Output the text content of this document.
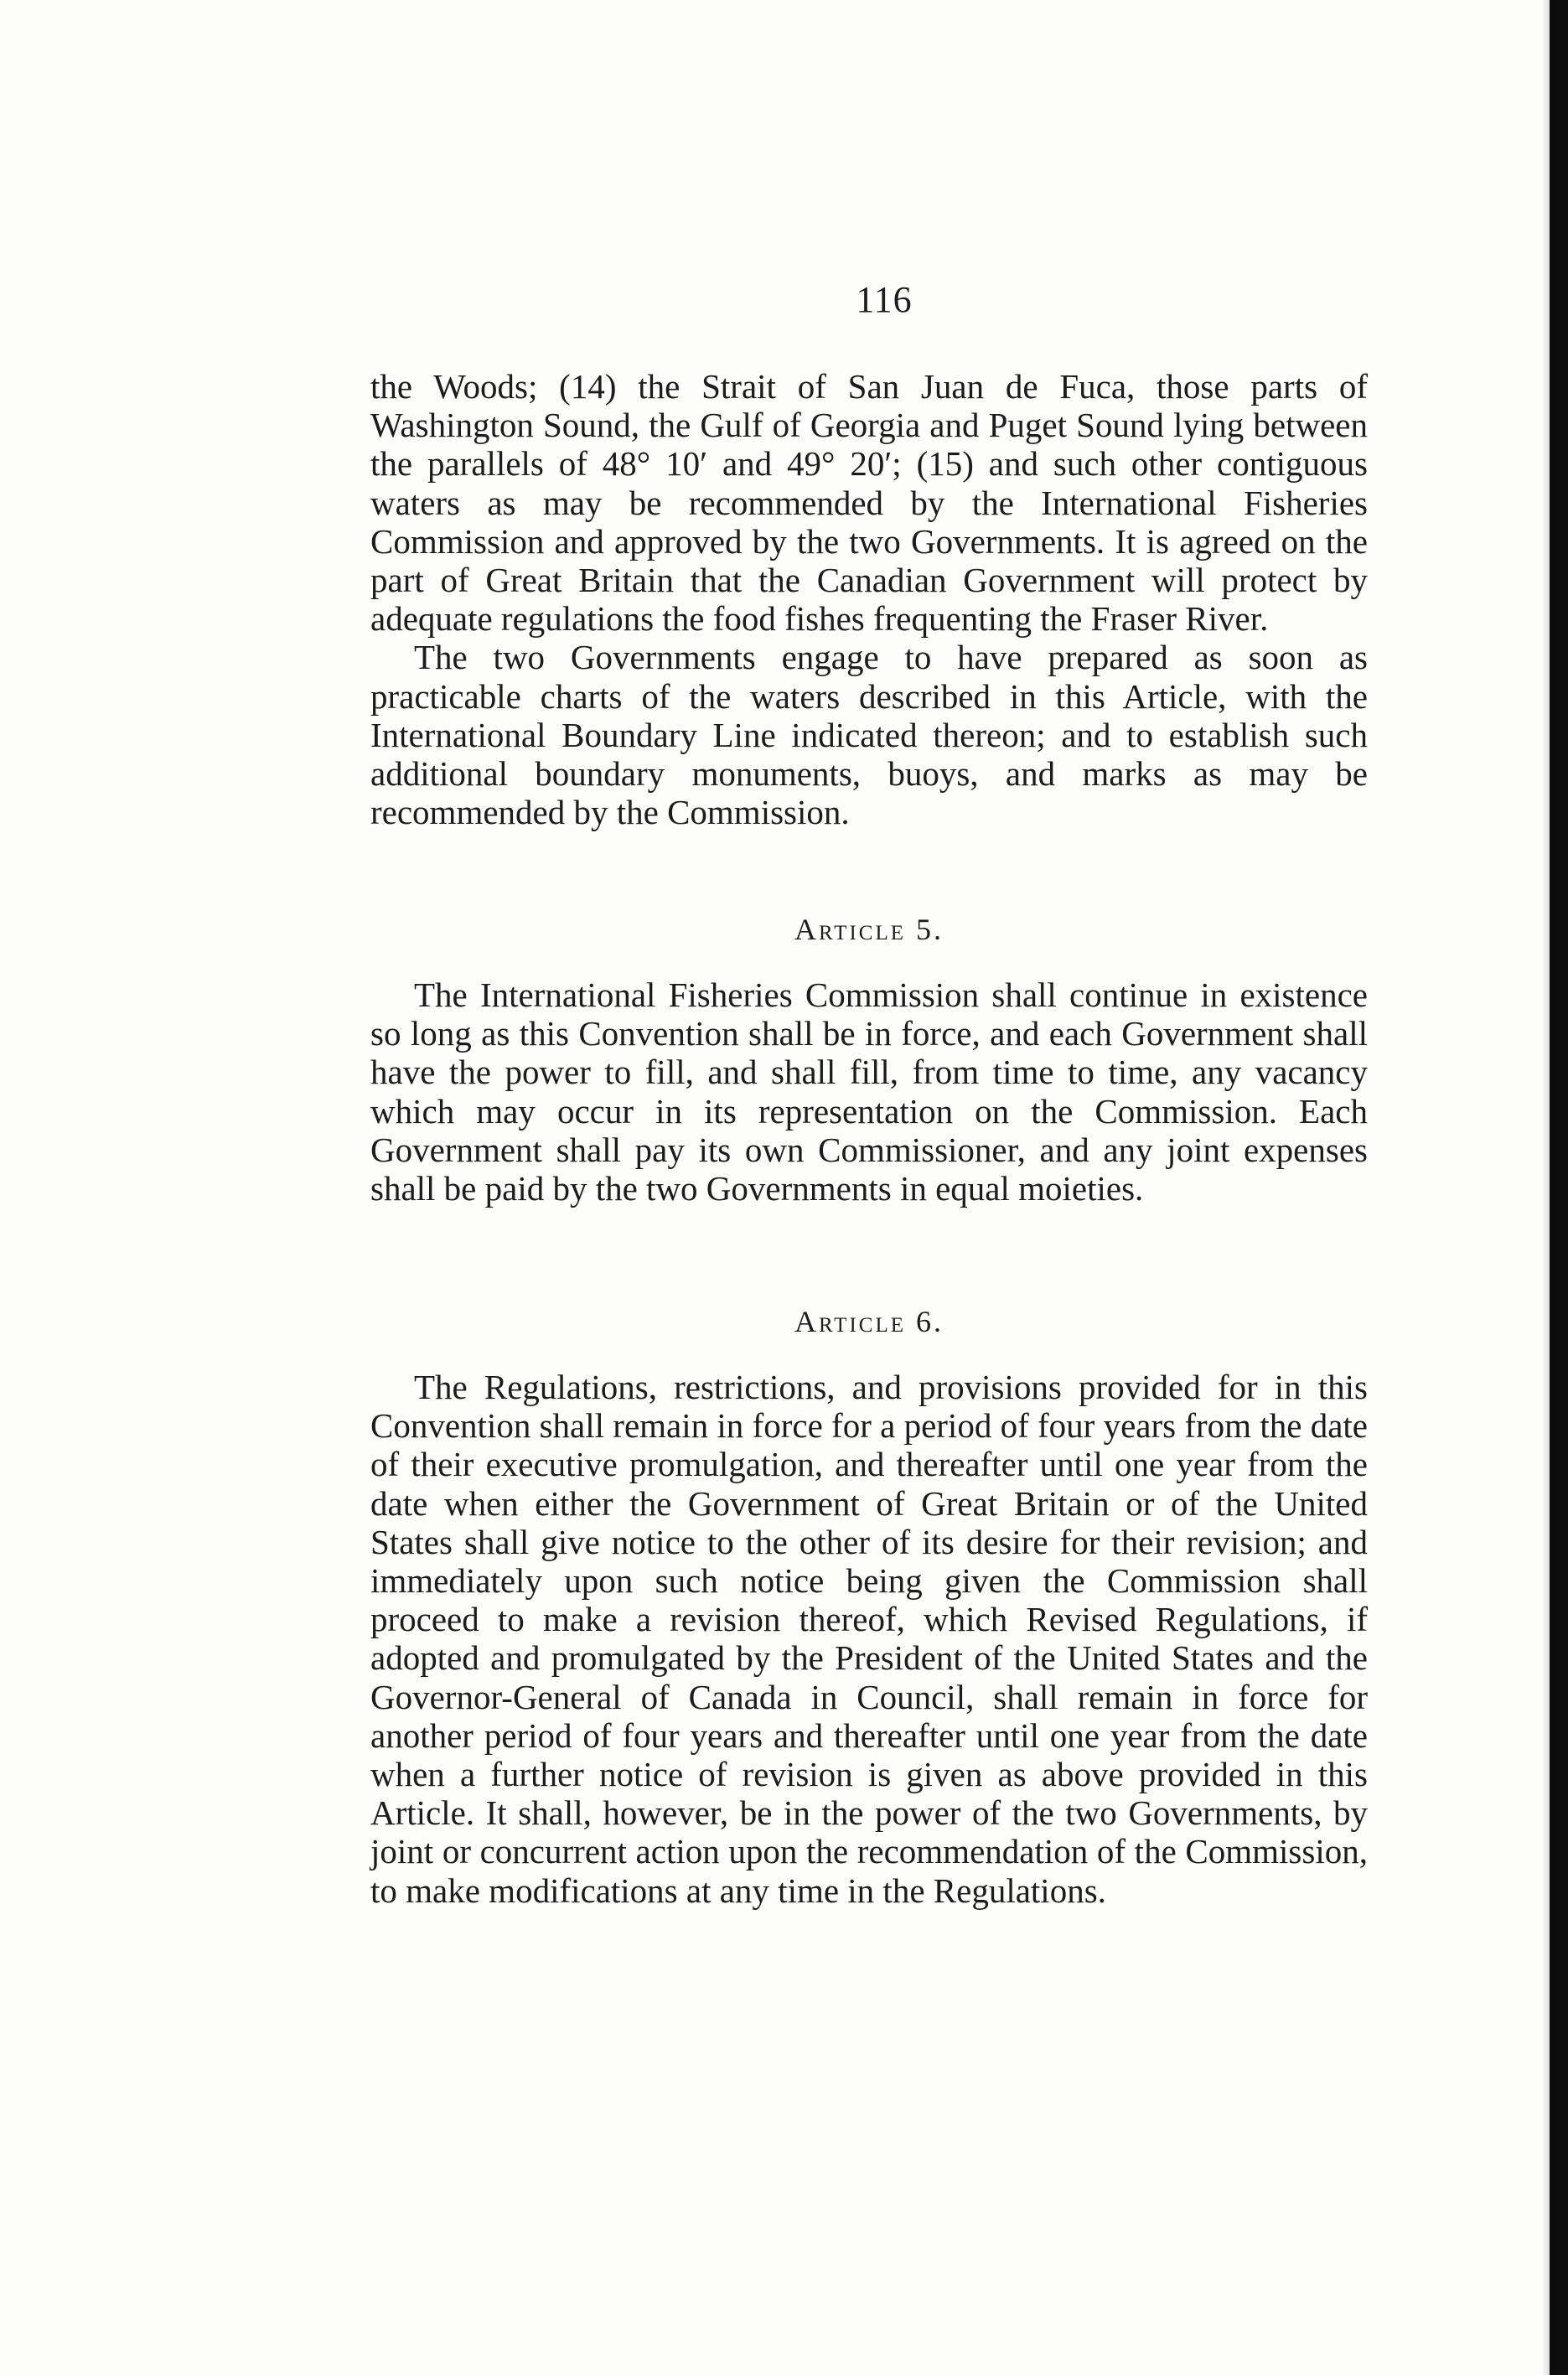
116

the Woods; (14) the Strait of San Juan de Fuca, those parts of Washington Sound, the Gulf of Georgia and Puget Sound lying between the parallels of 48° 10′ and 49° 20′; (15) and such other contiguous waters as may be recommended by the International Fisheries Commission and approved by the two Governments. It is agreed on the part of Great Britain that the Canadian Government will protect by adequate regulations the food fishes frequenting the Fraser River.

The two Governments engage to have prepared as soon as practicable charts of the waters described in this Article, with the International Boundary Line indicated thereon; and to establish such additional boundary monuments, buoys, and marks as may be recommended by the Commission.

Article 5.

The International Fisheries Commission shall continue in existence so long as this Convention shall be in force, and each Government shall have the power to fill, and shall fill, from time to time, any vacancy which may occur in its representation on the Commission. Each Government shall pay its own Commissioner, and any joint expenses shall be paid by the two Governments in equal moieties.

Article 6.

The Regulations, restrictions, and provisions provided for in this Convention shall remain in force for a period of four years from the date of their executive promulgation, and thereafter until one year from the date when either the Government of Great Britain or of the United States shall give notice to the other of its desire for their revision; and immediately upon such notice being given the Commission shall proceed to make a revision thereof, which Revised Regulations, if adopted and promulgated by the President of the United States and the Governor-General of Canada in Council, shall remain in force for another period of four years and thereafter until one year from the date when a further notice of revision is given as above provided in this Article. It shall, however, be in the power of the two Governments, by joint or concurrent action upon the recommendation of the Commission, to make modifications at any time in the Regulations.
